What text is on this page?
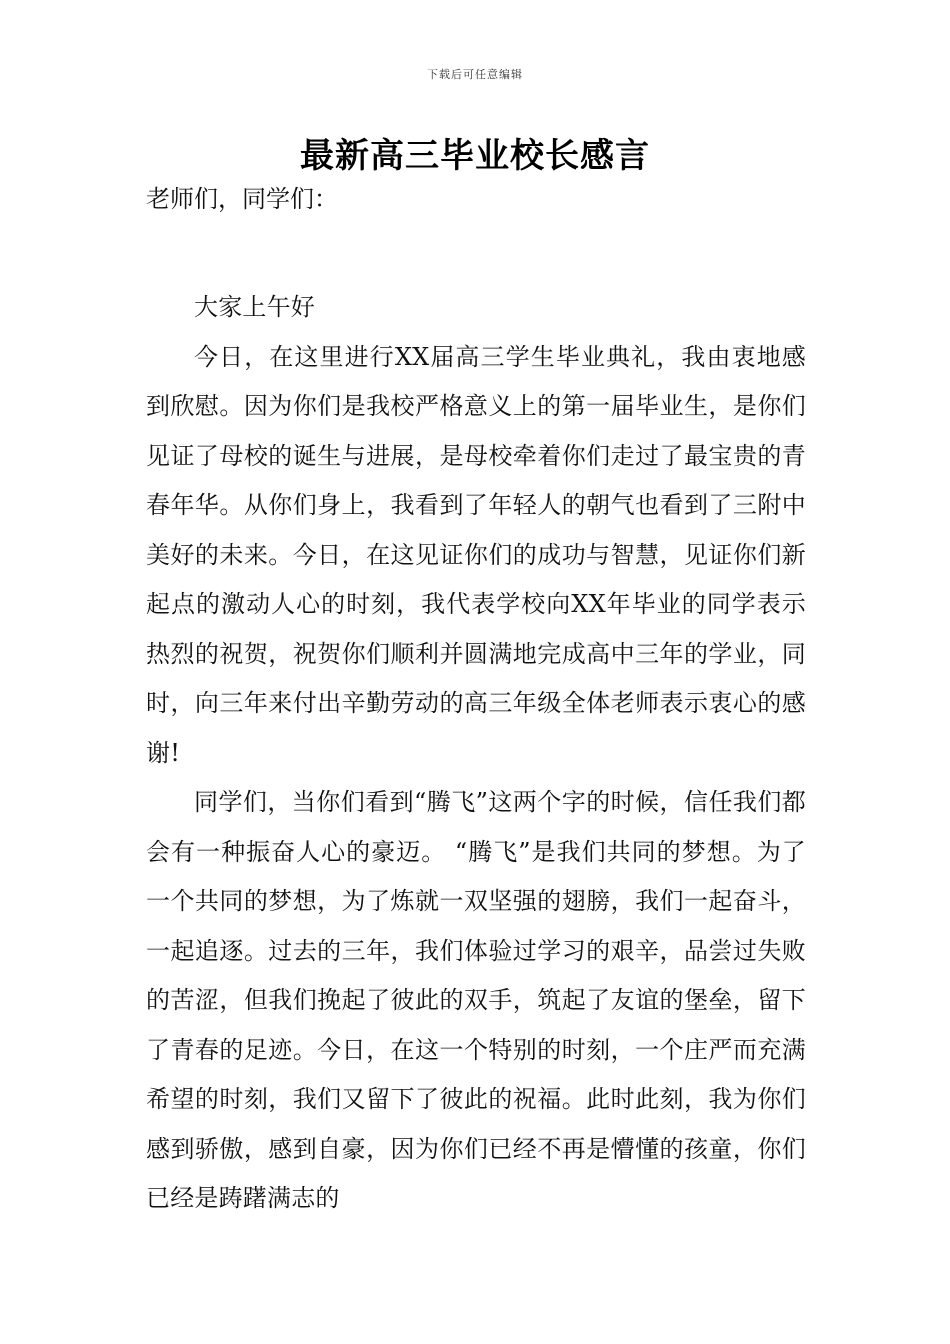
下载后可任意编辑
最新高三毕业校长感言

老师们，同学们：

大家上午好

今日，在这里进行XX届高三学生毕业典礼，我由衷地感到欣慰。因为你们是我校严格意义上的第一届毕业生，是你们见证了母校的诞生与进展，是母校牵着你们走过了最宝贵的青春年华。从你们身上，我看到了年轻人的朝气也看到了三附中美好的未来。今日，在这见证你们的成功与智慧，见证你们新起点的激动人心的时刻，我代表学校向XX年毕业的同学表示热烈的祝贺，祝贺你们顺利并圆满地完成高中三年的学业，同时，向三年来付出辛勤劳动的高三年级全体老师表示衷心的感谢!

同学们，当你们看到“腾飞”这两个字的时候，信任我们都会有一种振奋人心的豪迈。 “腾飞”是我们共同的梦想。为了一个共同的梦想，为了炼就一双坚强的翅膀，我们一起奋斗，一起追逐。过去的三年，我们体验过学习的艰辛，品尝过失败的苦涩，但我们挽起了彼此的双手，筑起了友谊的堡垒，留下了青春的足迹。今日，在这一个特别的时刻，一个庄严而充满希望的时刻，我们又留下了彼此的祝福。此时此刻，我为你们感到骄傲，感到自豪，因为你们已经不再是懵懂的孩童，你们已经是踌躇满志的
